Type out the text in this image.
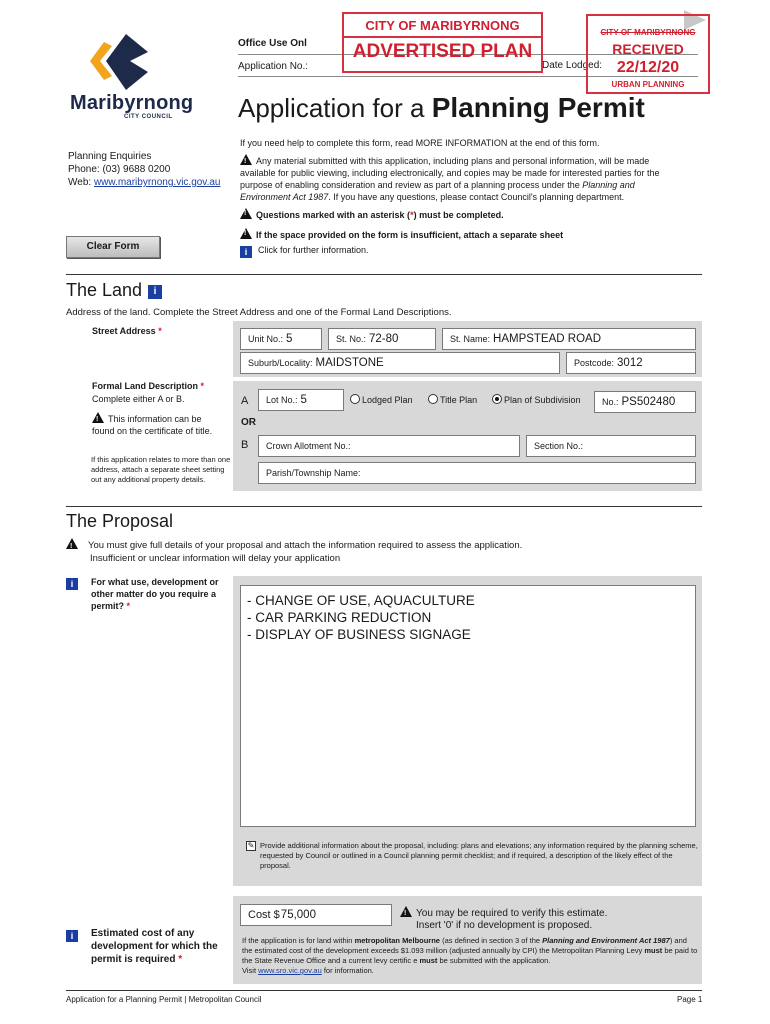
Maribyrnong
CITY COUNCIL
Office Use Onl
Application No.:	Date Lodged:
CITY OF MARIBYRNONG
ADVERTISED PLAN
CITY OF MARIBYRNONG
RECEIVED
22/12/20
URBAN PLANNING
Application for a Planning Permit
If you need help to complete this form, read MORE INFORMATION at the end of this form.
!Any material submitted with this application, including plans and personal information, will be made available for public viewing, including electronically, and copies may be made for interested parties for the purpose of enabling consideration and review as part of a planning process under the Planning and Environment Act 1987. If you have any questions, please contact Council's planning department.
!Questions marked with an asterisk (*) must be completed.
!If the space provided on the form is insufficient, attach a separate sheet
i Click for further information.
Planning Enquiries
Phone: (03) 9688 0200
Web: www.maribyrnong.vic.gov.au
Clear Form
The Land i
Address of the land. Complete the Street Address and one of the Formal Land Descriptions.
Street Address *
Unit No.: 5	St. No.: 72-80	St. Name: HAMPSTEAD ROAD
Suburb/Locality: MAIDSTONE	Postcode: 3012
Formal Land Description *
Complete either A or B.
!This information can be found on the certificate of title.
If this application relates to more than one address, attach a separate sheet setting out any additional property details.
A	Lot No.: 5	Lodged Plan	Title Plan	Plan of Subdivision	No.: PS502480
OR
B	Crown Allotment No.:	Section No.:
Parish/Township Name:
The Proposal
!You must give full details of your proposal and attach the information required to assess the application.
Insufficient or unclear information will delay your application
i	For what use, development or other matter do you require a permit? *	- CHANGE OF USE, AQUACULTURE
- CAR PARKING REDUCTION
- DISPLAY OF BUSINESS SIGNAGE
✎ Provide additional information about the proposal, including: plans and elevations; any information required by the planning scheme, requested by Council or outlined in a Council planning permit checklist; and if required, a description of the likely effect of the proposal.
i	Estimated cost of any development for which the permit is required *
Cost $75,000 !	You may be required to verify this estimate.
Insert '0' if no development is proposed.
If the application is for land within metropolitan Melbourne (as defined in section 3 of the Planning and Environment Act 1987) and the estimated cost of the development exceeds $1.093 million (adjusted annually by CPI) the Metropolitan Planning Levy must be paid to the State Revenue Office and a current levy certific e must be submitted with the application.
Visit www.sro.vic.gov.au for information.
Application for a Planning Permit | Metropolitan Council	Page 1
